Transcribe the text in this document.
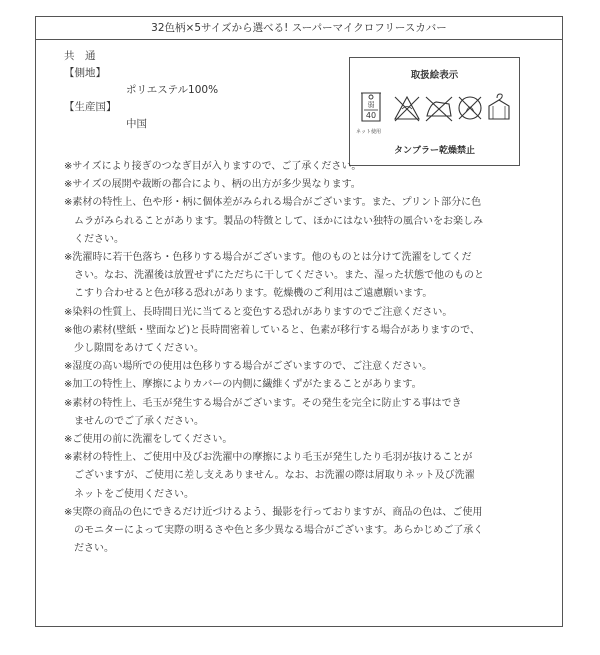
32色柄×5サイズから選べる! スーパーマイクロフリースカバー
共　通
【側地】
ポリエステル100%
【生産国】
中国
取扱絵表示
弱
40
ネット使用
タンブラー乾燥禁止

※サイズにより接ぎのつなぎ目が入りますので、ご了承ください。

※サイズの展開や裁断の都合により、柄の出方が多少異なります。

※素材の特性上、色や形・柄に個体差がみられる場合がございます。また、プリント部分に色
ムラがみられることがあります。製品の特徴として、ほかにはない独特の風合いをお楽しみ
ください。

※洗濯時に若干色落ち・色移りする場合がございます。他のものとは分けて洗濯をしてくだ
さい。なお、洗濯後は放置せずにただちに干してください。また、湿った状態で他のものと
こすり合わせると色が移る恐れがあります。乾燥機のご利用はご遠慮願います。

※染料の性質上、長時間日光に当てると変色する恐れがありますのでご注意ください。

※他の素材(壁紙・壁面など)と長時間密着していると、色素が移行する場合がありますので、
少し隙間をあけてください。

※湿度の高い場所での使用は色移りする場合がございますので、ご注意ください。

※加工の特性上、摩擦によりカバーの内側に繊維くずがたまることがあります。

※素材の特性上、毛玉が発生する場合がございます。その発生を完全に防止する事はでき
ませんのでご了承ください。

※ご使用の前に洗濯をしてください。

※素材の特性上、ご使用中及びお洗濯中の摩擦により毛玉が発生したり毛羽が抜けることが
ございますが、ご使用に差し支えありません。なお、お洗濯の際は屑取りネット及び洗濯
ネットをご使用ください。

※実際の商品の色にできるだけ近づけるよう、撮影を行っておりますが、商品の色は、ご使用
のモニターによって実際の明るさや色と多少異なる場合がございます。あらかじめご了承く
ださい。
